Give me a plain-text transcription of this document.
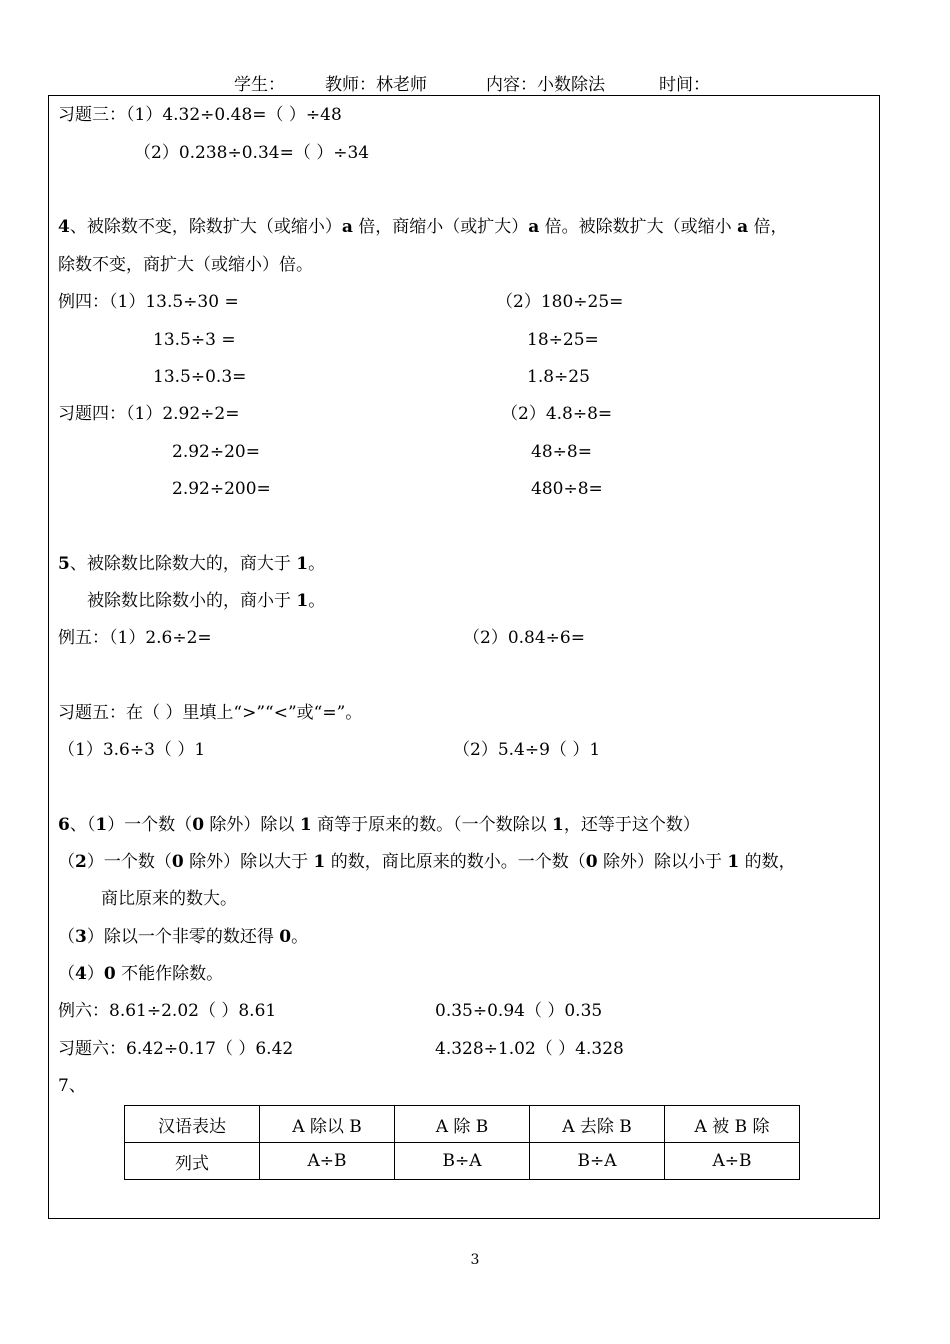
学生： 教师：林老师	内容：小数除法	时间：
习题三：（1）4.32÷0.48=（ ）÷48
（2）0.238÷0.34=（ ）÷34
4、被除数不变，除数扩大（或缩小）a 倍，商缩小（或扩大）a 倍。被除数扩大（或缩小 a 倍，
除数不变，商扩大（或缩小）倍。
例四：（1）13.5÷30 =
13.5÷3 =
13.5÷0.3=
（2）180÷25=
18÷25=
1.8÷25
习题四：（1）2.92÷2=
2.92÷20=
2.92÷200=
（2）4.8÷8=
48÷8=
480÷8=
5、被除数比除数大的，商大于 1。
被除数比除数小的，商小于 1。
例五：（1）2.6÷2=	（2）0.84÷6=
习题五：在（ ）里填上“>”“<”或“=”。
（1）3.6÷3（ ）1	（2）5.4÷9（ ）1
6、（1）一个数（0 除外）除以 1 商等于原来的数。（一个数除以 1，还等于这个数）
（2）一个数（0 除外）除以大于 1 的数，商比原来的数小。一个数（0 除外）除以小于 1 的数，
商比原来的数大。
（3）除以一个非零的数还得 0。
（4）0 不能作除数。
例六：8.61÷2.02（ ）8.61	0.35÷0.94（ ）0.35
习题六：6.42÷0.17（ ）6.42	4.328÷1.02（ ）4.328
7、
汉语表达	A 除以 B	A 除 B	A 去除 B	A 被 B 除
列式	A÷B	B÷A	B÷A	A÷B
3
